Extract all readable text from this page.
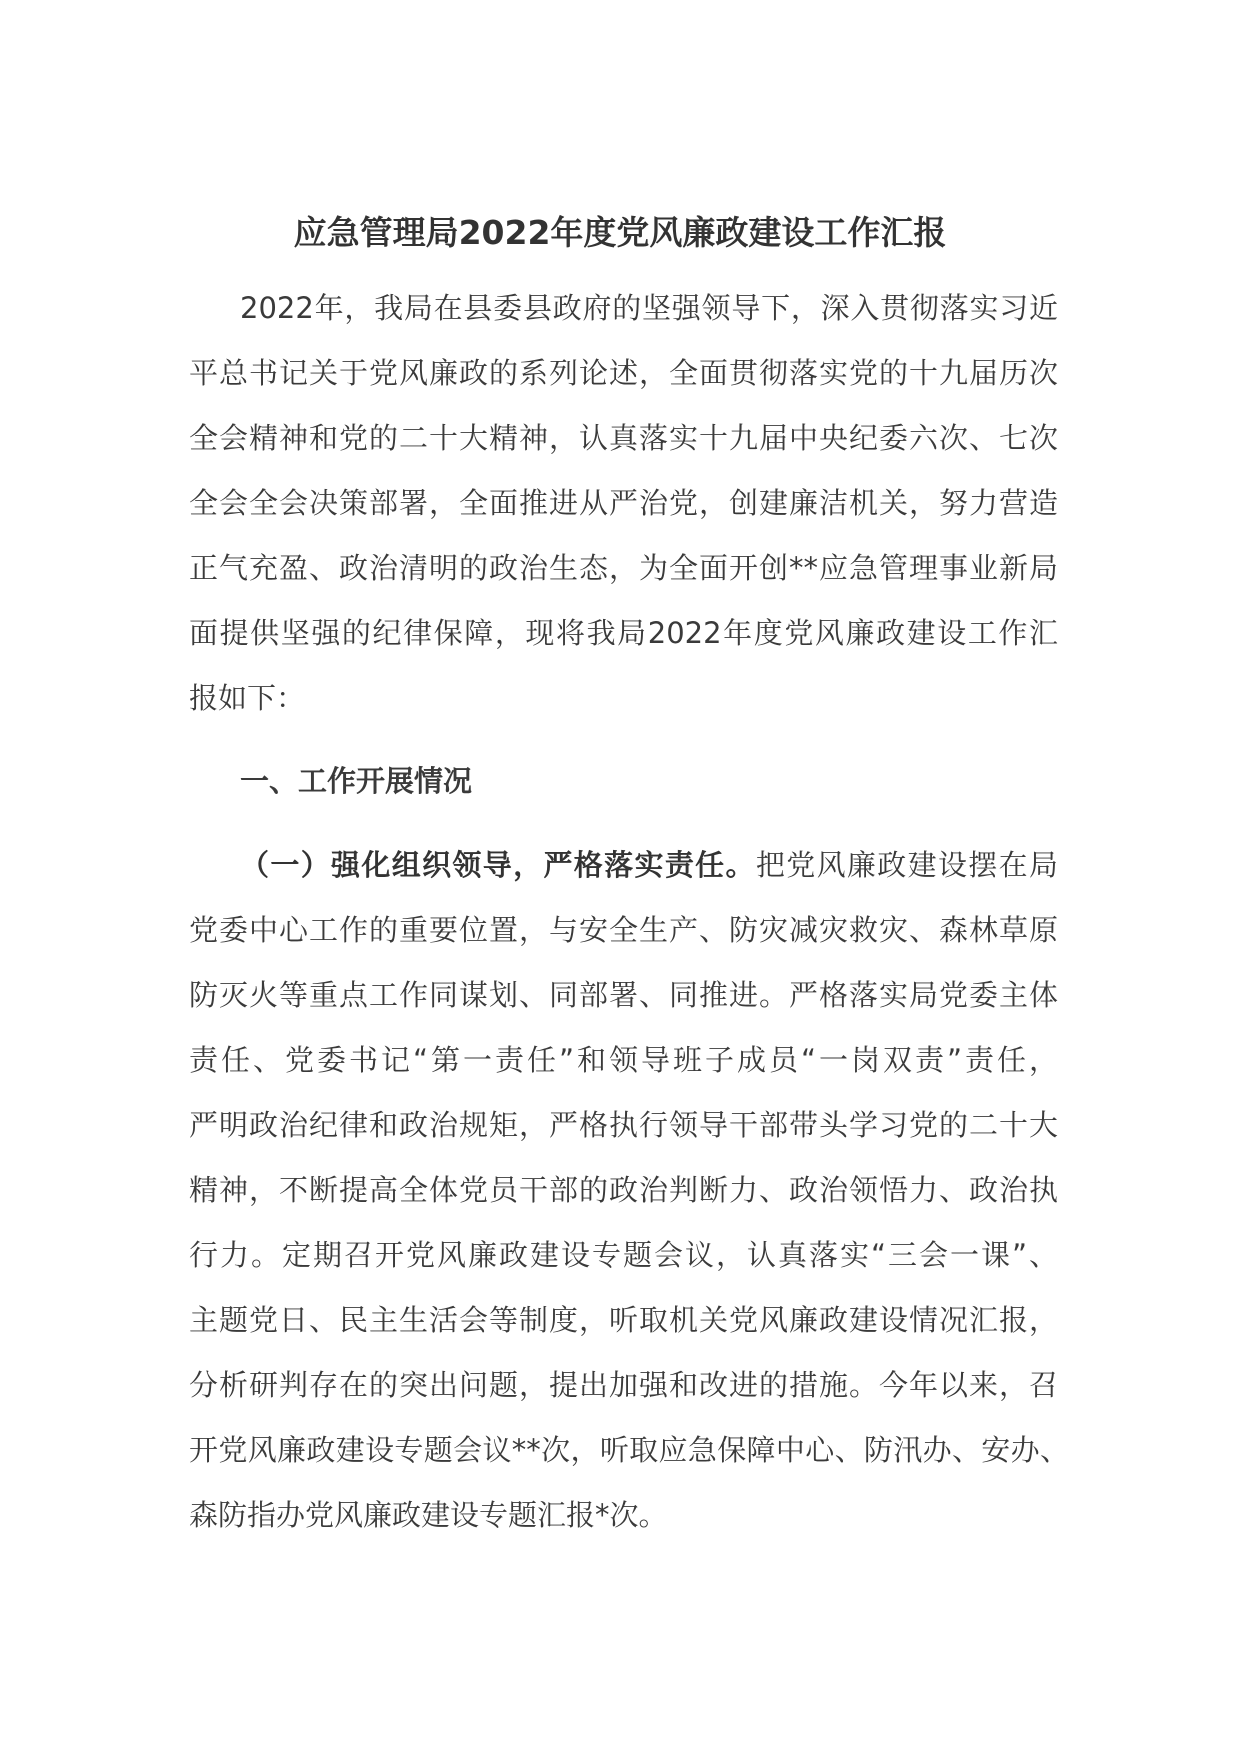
应急管理局2022年度党风廉政建设工作汇报
2022年，我局在县委县政府的坚强领导下，深入贯彻落实习近
平总书记关于党风廉政的系列论述，全面贯彻落实党的十九届历次
全会精神和党的二十大精神，认真落实十九届中央纪委六次、七次
全会全会决策部署，全面推进从严治党，创建廉洁机关，努力营造
正气充盈、政治清明的政治生态，为全面开创**应急管理事业新局
面提供坚强的纪律保障，现将我局2022年度党风廉政建设工作汇
报如下：
一、工作开展情况
（一）强化组织领导，严格落实责任。把党风廉政建设摆在局
党委中心工作的重要位置，与安全生产、防灾减灾救灾、森林草原
防灭火等重点工作同谋划、同部署、同推进。严格落实局党委主体
责任、党委书记“第一责任”和领导班子成员“一岗双责”责任，
严明政治纪律和政治规矩，严格执行领导干部带头学习党的二十大
精神，不断提高全体党员干部的政治判断力、政治领悟力、政治执
行力。定期召开党风廉政建设专题会议，认真落实“三会一课”、
主题党日、民主生活会等制度，听取机关党风廉政建设情况汇报，
分析研判存在的突出问题，提出加强和改进的措施。今年以来，召
开党风廉政建设专题会议**次，听取应急保障中心、防汛办、安办、
森防指办党风廉政建设专题汇报*次。
